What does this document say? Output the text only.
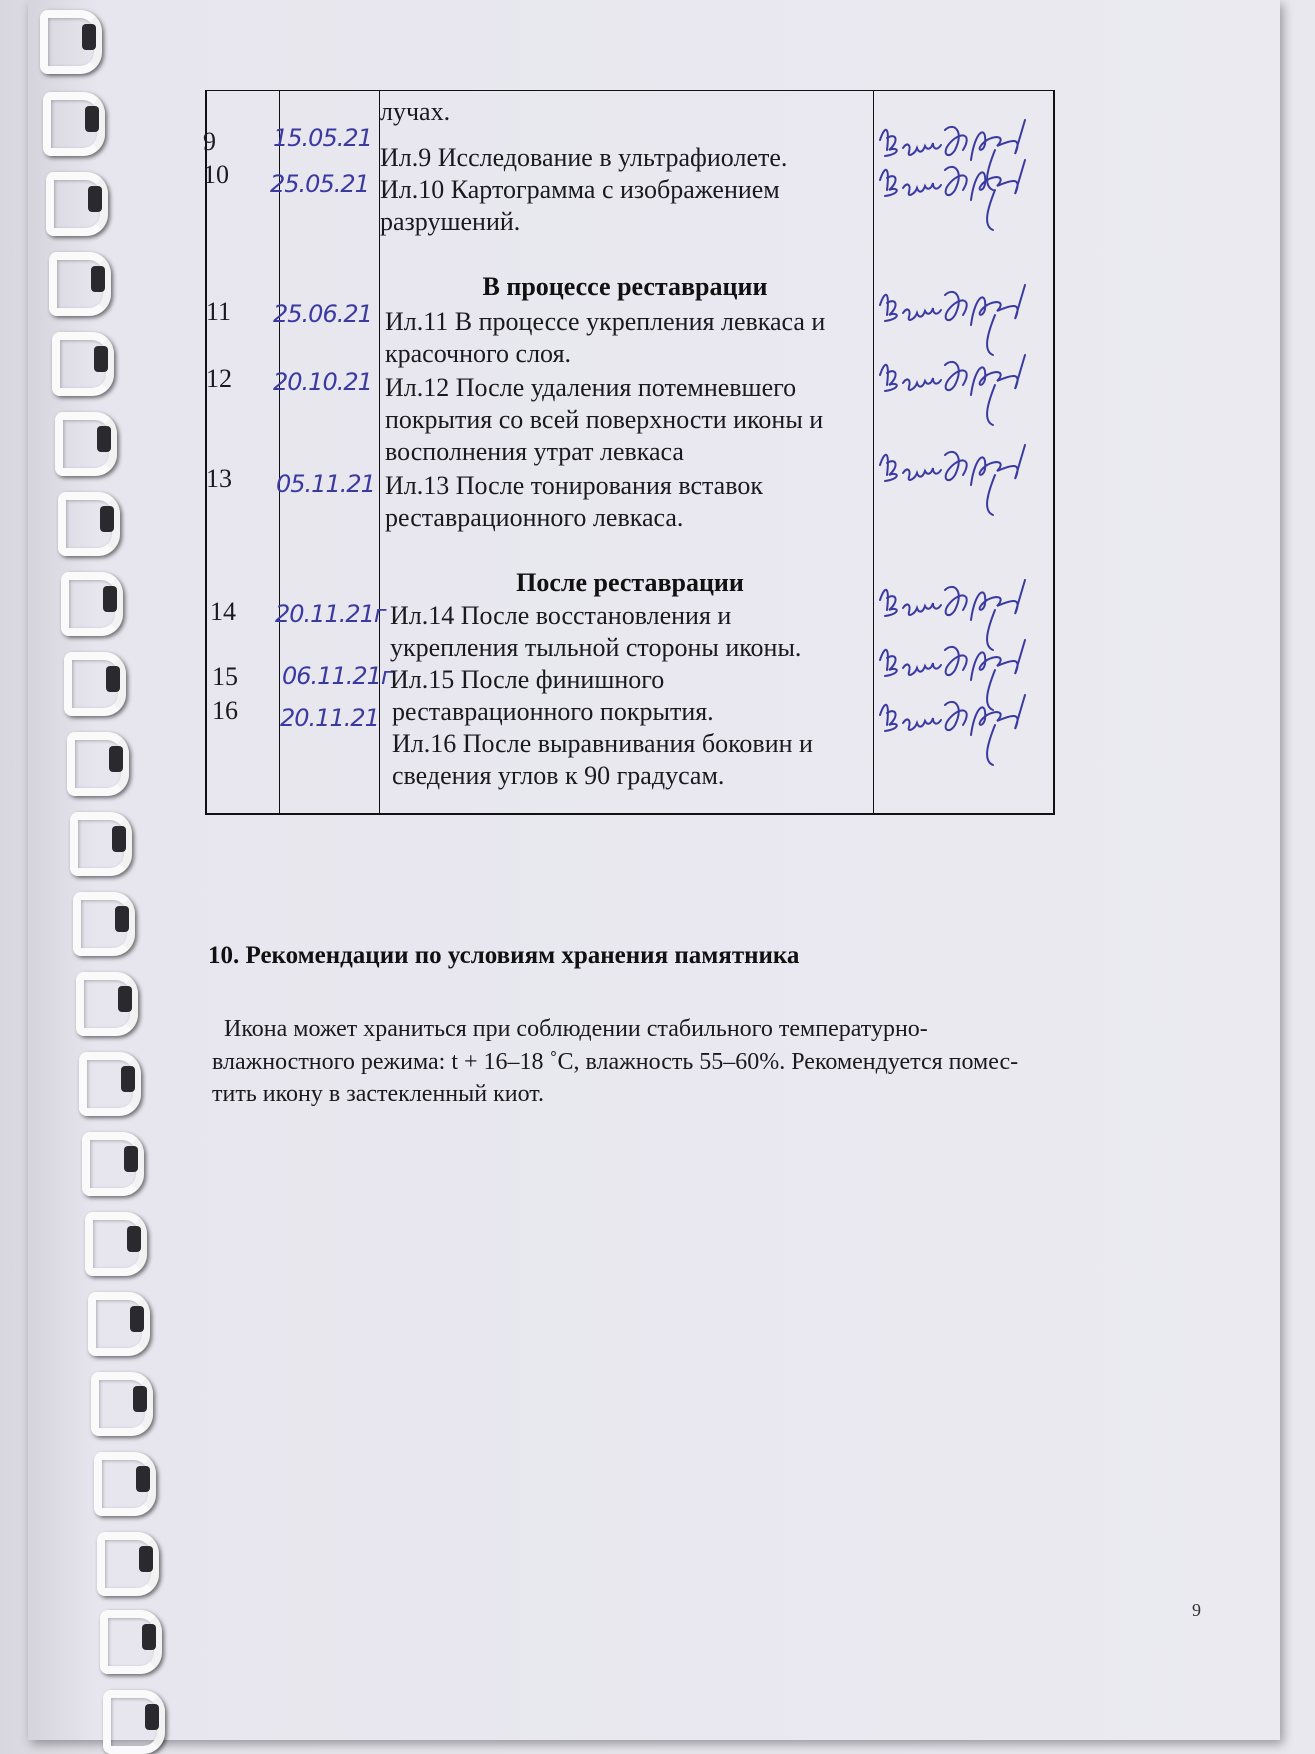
лучах.
9 15.05.21
Ил.9 Исследование в ультрафиолете.
10 25.05.21 Ил.10 Картограмма с изображением
разрушений.
В процессе реставрации
11 25.06.21 Ил.11 В процессе укрепления левкаса и
красочного слоя.
12 20.10.21 Ил.12 После удаления потемневшего
покрытия со всей поверхности иконы и
восполнения утрат левкаса
13 05.11.21 Ил.13 После тонирования вставок
реставрационного левкаса.
После реставрации
14 20.11.21г Ил.14 После восстановления и
укрепления тыльной стороны иконы.
15 06.11.21г
Ил.15 После финишного
16 20.11.21 реставрационного покрытия.
Ил.16 После выравнивания боковин и
сведения углов к 90 градусам.
10. Рекомендации по условиям хранения памятника
Икона может храниться при соблюдении стабильного температурно-
влажностного режима: t + 16–18 ˚С, влажность 55–60%. Рекомендуется помес-
тить икону в застекленный киот.
9
